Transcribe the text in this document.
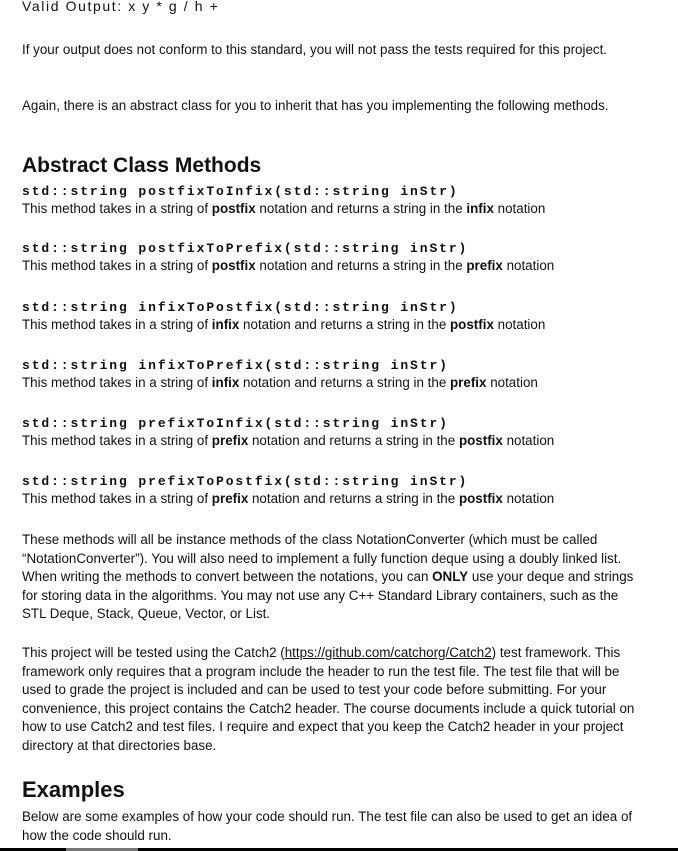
Valid Output: x y * g / h +

If your output does not conform to this standard, you will not pass the tests required for this project.

Again, there is an abstract class for you to inherit that has you implementing the following methods.

Abstract Class Methods
std::string postfixToInfix(std::string inStr)
This method takes in a string of postfix notation and returns a string in the infix notation
std::string postfixToPrefix(std::string inStr)
This method takes in a string of postfix notation and returns a string in the prefix notation
std::string infixToPostfix(std::string inStr)
This method takes in a string of infix notation and returns a string in the postfix notation
std::string infixToPrefix(std::string inStr)
This method takes in a string of infix notation and returns a string in the prefix notation
std::string prefixToInfix(std::string inStr)
This method takes in a string of prefix notation and returns a string in the postfix notation
std::string prefixToPostfix(std::string inStr)
This method takes in a string of prefix notation and returns a string in the postfix notation

These methods will all be instance methods of the class NotationConverter (which must be called “NotationConverter”). You will also need to implement a fully function deque using a doubly linked list. When writing the methods to convert between the notations, you can ONLY use your deque and strings for storing data in the algorithms. You may not use any C++ Standard Library containers, such as the STL Deque, Stack, Queue, Vector, or List.

This project will be tested using the Catch2 (https://github.com/catchorg/Catch2) test framework. This framework only requires that a program include the header to run the test file. The test file that will be used to grade the project is included and can be used to test your code before submitting. For your convenience, this project contains the Catch2 header. The course documents include a quick tutorial on how to use Catch2 and test files. I require and expect that you keep the Catch2 header in your project directory at that directories base.

Examples

Below are some examples of how your code should run. The test file can also be used to get an idea of how the code should run.
